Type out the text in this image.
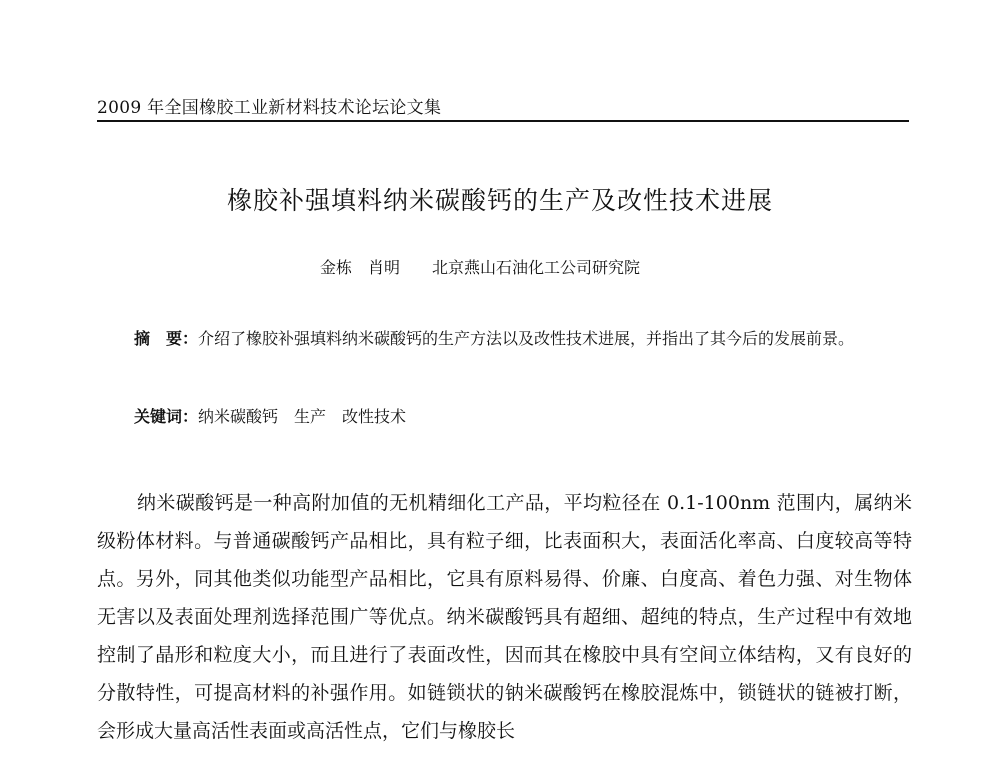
2009 年全国橡胶工业新材料技术论坛论文集
橡胶补强填料纳米碳酸钙的生产及改性技术进展
金栋　肖明　　北京燕山石油化工公司研究院
摘　要：介绍了橡胶补强填料纳米碳酸钙的生产方法以及改性技术进展，并指出了其今后的发展前景。
关键词：纳米碳酸钙　生产　改性技术
纳米碳酸钙是一种高附加值的无机精细化工产品，平均粒径在 0.1-100nm 范围内，属纳米级粉体材料。与普通碳酸钙产品相比，具有粒子细，比表面积大，表面活化率高、白度较高等特点。另外，同其他类似功能型产品相比，它具有原料易得、价廉、白度高、着色力强、对生物体无害以及表面处理剂选择范围广等优点。纳米碳酸钙具有超细、超纯的特点，生产过程中有效地控制了晶形和粒度大小，而且进行了表面改性，因而其在橡胶中具有空间立体结构，又有良好的分散特性，可提高材料的补强作用。如链锁状的钠米碳酸钙在橡胶混炼中，锁链状的链被打断，会形成大量高活性表面或高活性点，它们与橡胶长
